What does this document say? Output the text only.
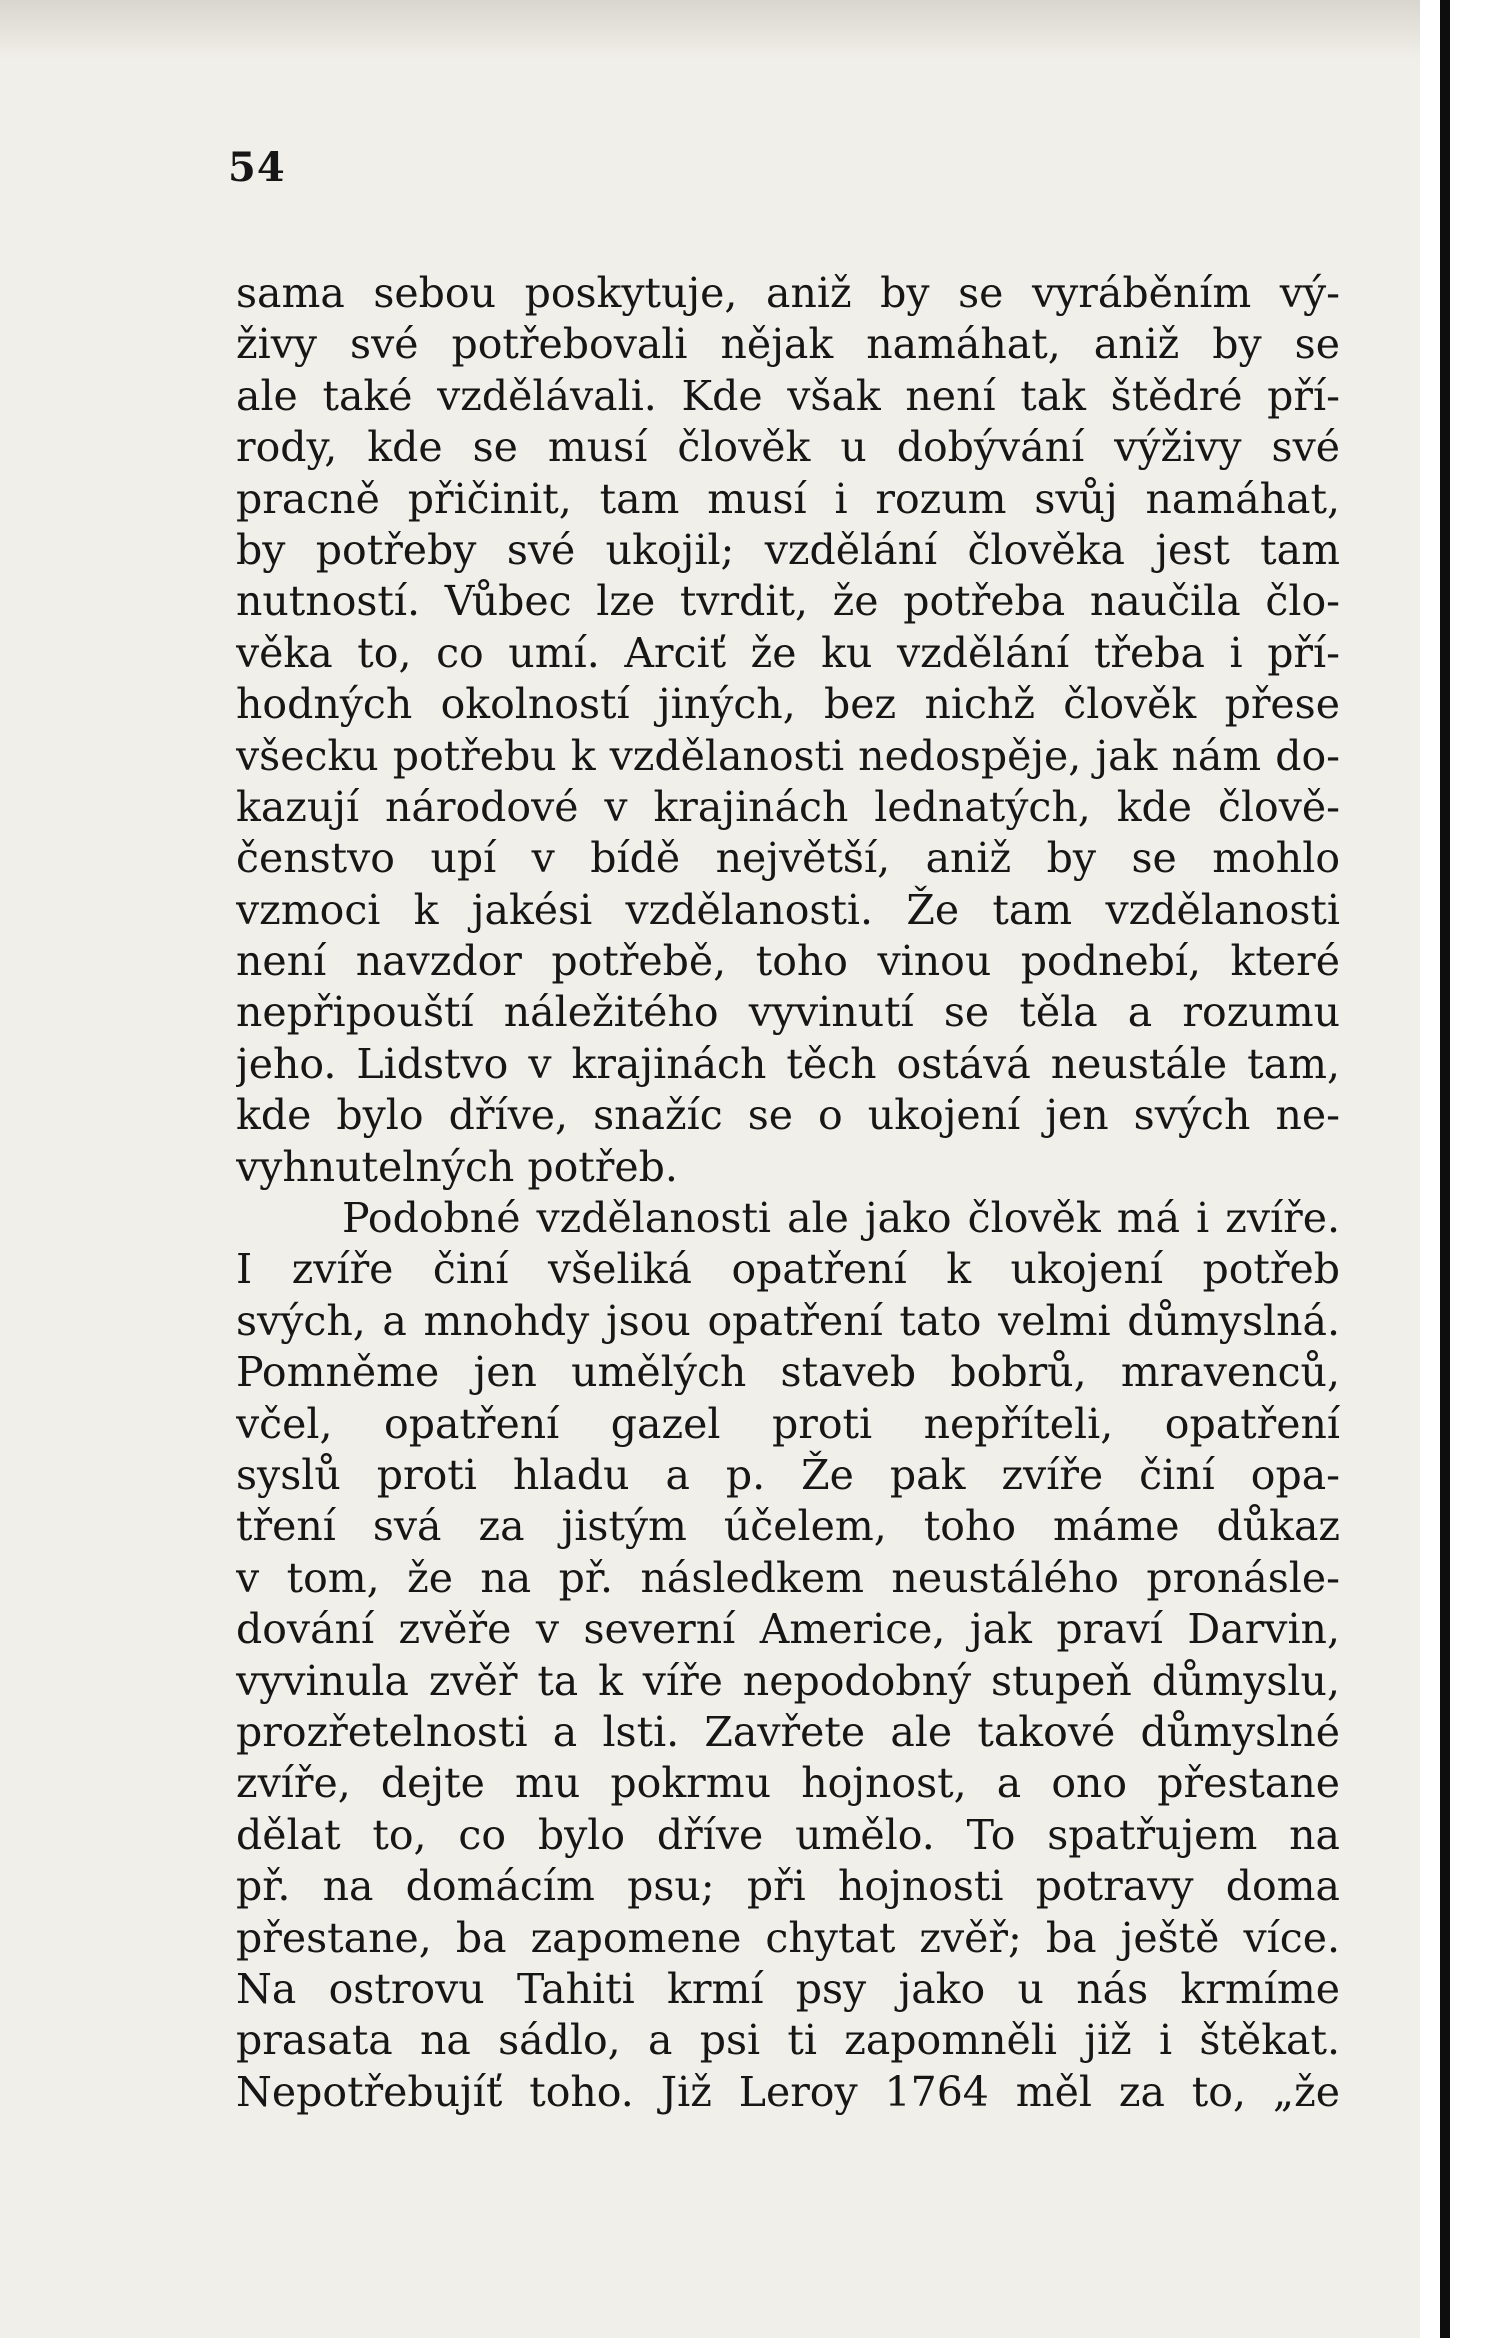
54
sama sebou poskytuje, aniž by se vyráběním vý-
živy své potřebovali nějak namáhat, aniž by se
ale také vzdělávali. Kde však není tak štědré pří-
rody, kde se musí člověk u dobývání výživy své
pracně přičinit, tam musí i rozum svůj namáhat,
by potřeby své ukojil; vzdělání člověka jest tam
nutností. Vůbec lze tvrdit, že potřeba naučila člo-
věka to, co umí. Arciť že ku vzdělání třeba i pří-
hodných okolností jiných, bez nichž člověk přese
všecku potřebu k vzdělanosti nedospěje, jak nám do-
kazují národové v krajinách lednatých, kde člově-
čenstvo upí v bídě největší, aniž by se mohlo
vzmoci k jakési vzdělanosti. Že tam vzdělanosti
není navzdor potřebě, toho vinou podnebí, které
nepřipouští náležitého vyvinutí se těla a rozumu
jeho. Lidstvo v krajinách těch ostává neustále tam,
kde bylo dříve, snažíc se o ukojení jen svých ne-
vyhnutelných potřeb.
Podobné vzdělanosti ale jako člověk má i zvíře.
I zvíře činí všeliká opatření k ukojení potřeb
svých, a mnohdy jsou opatření tato velmi důmyslná.
Pomněme jen umělých staveb bobrů, mravenců,
včel, opatření gazel proti nepříteli, opatření
syslů proti hladu a p. Že pak zvíře činí opa-
tření svá za jistým účelem, toho máme důkaz
v tom, že na př. následkem neustálého pronásle-
dování zvěře v severní Americe, jak praví Darvin,
vyvinula zvěř ta k víře nepodobný stupeň důmyslu,
prozřetelnosti a lsti. Zavřete ale takové důmyslné
zvíře, dejte mu pokrmu hojnost, a ono přestane
dělat to, co bylo dříve umělo. To spatřujem na
př. na domácím psu; při hojnosti potravy doma
přestane, ba zapomene chytat zvěř; ba ještě více.
Na ostrovu Tahiti krmí psy jako u nás krmíme
prasata na sádlo, a psi ti zapomněli již i štěkat.
Nepotřebujíť toho. Již Leroy 1764 měl za to, „že
